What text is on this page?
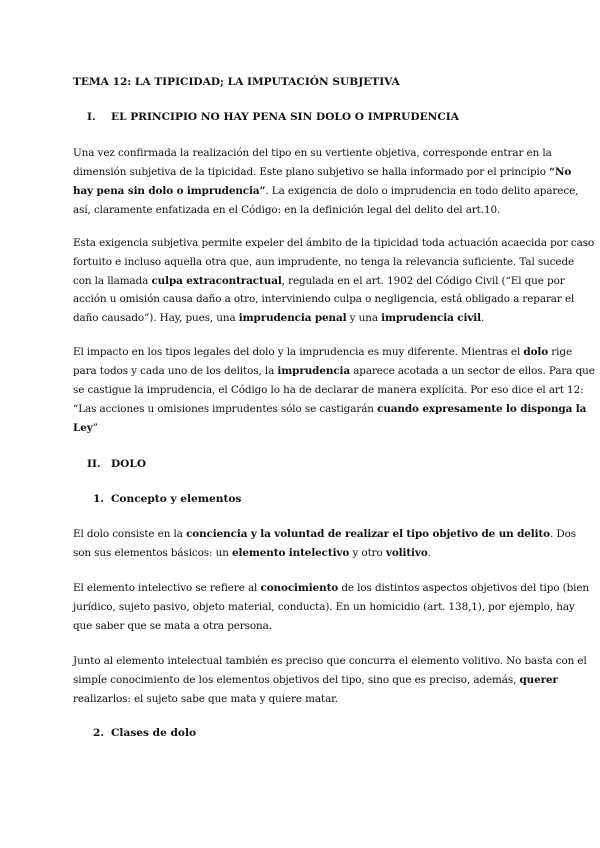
TEMA 12: LA TIPICIDAD; LA IMPUTACIÓN SUBJETIVA
I. EL PRINCIPIO NO HAY PENA SIN DOLO O IMPRUDENCIA
Una vez confirmada la realización del tipo en su vertiente objetiva, corresponde entrar en la
dimensión subjetiva de la tipicidad. Este plano subjetivo se halla informado por el principio “No
hay pena sin dolo o imprudencia”. La exigencia de dolo o imprudencia en todo delito aparece,
así, claramente enfatizada en el Código: en la definición legal del delito del art.10.
Esta exigencia subjetiva permite expeler del ámbito de la tipicidad toda actuación acaecida por caso
fortuito e incluso aquella otra que, aun imprudente, no tenga la relevancia suficiente. Tal sucede
con la llamada culpa extracontractual, regulada en el art. 1902 del Código Civil (“El que por
acción u omisión causa daño a otro, interviniendo culpa o negligencia, está obligado a reparar el
daño causado”). Hay, pues, una imprudencia penal y una imprudencia civil.
El impacto en los tipos legales del dolo y la imprudencia es muy diferente. Mientras el dolo rige
para todos y cada uno de los delitos, la imprudencia aparece acotada a un sector de ellos. Para que
se castigue la imprudencia, el Código lo ha de declarar de manera explícita. Por eso dice el art 12:
“Las acciones u omisiones imprudentes sólo se castigarán cuando expresamente lo disponga la
Ley”
II. DOLO
1. Concepto y elementos
El dolo consiste en la conciencia y la voluntad de realizar el tipo objetivo de un delito. Dos
son sus elementos básicos: un elemento intelectivo y otro volitivo.
El elemento intelectivo se refiere al conocimiento de los distintos aspectos objetivos del tipo (bien
jurídico, sujeto pasivo, objeto material, conducta). En un homicidio (art. 138,1), por ejemplo, hay
que saber que se mata a otra persona.
Junto al elemento intelectual también es preciso que concurra el elemento volitivo. No basta con el
simple conocimiento de los elementos objetivos del tipo, sino que es preciso, además, querer
realizarlos: el sujeto sabe que mata y quiere matar.
2. Clases de dolo
